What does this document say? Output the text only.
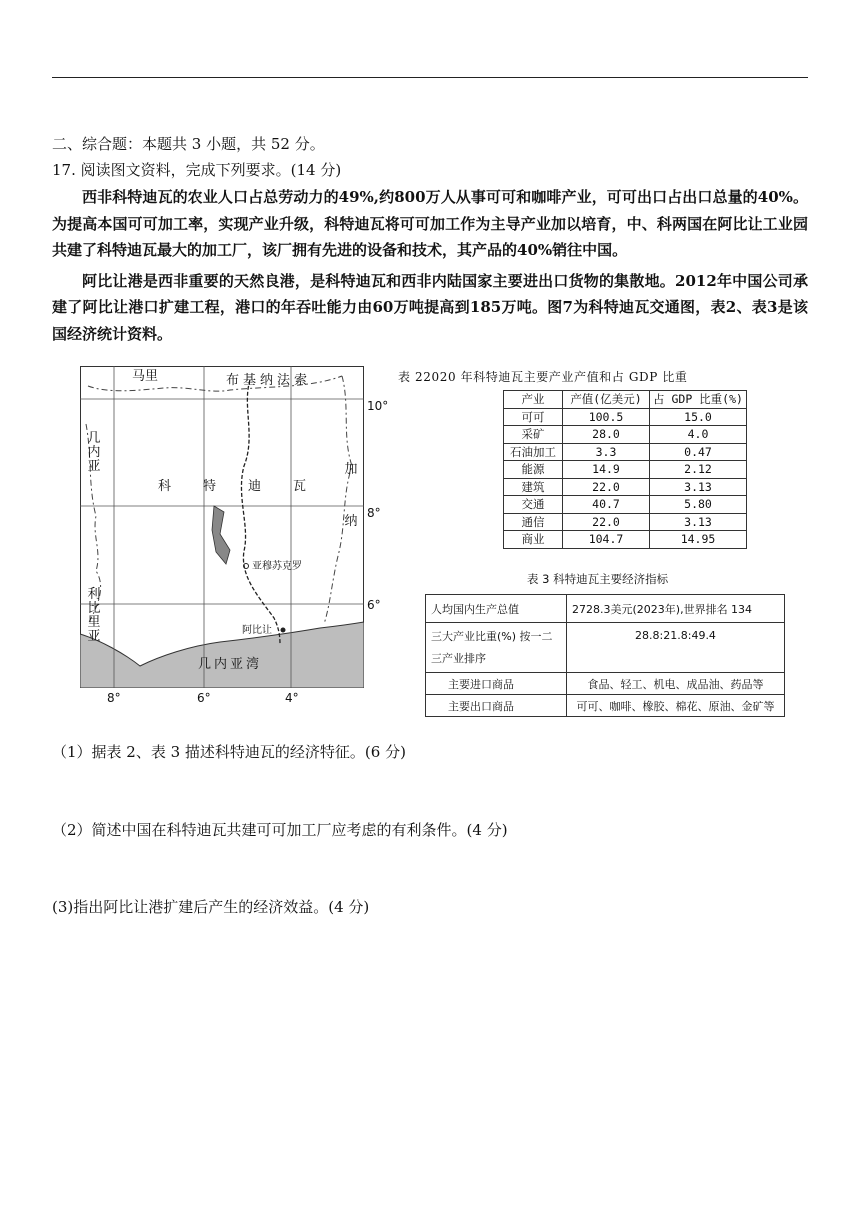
二、综合题：本题共 3 小题，共 52 分。
17. 阅读图文资料，完成下列要求。(14 分)

西非科特迪瓦的农业人口占总劳动力的49%,约800万人从事可可和咖啡产业，可可出口占出口总量的40%。为提高本国可可加工率，实现产业升级，科特迪瓦将可可加工作为主导产业加以培育，中、科两国在阿比让工业园共建了科特迪瓦最大的加工厂，该厂拥有先进的设备和技术，其产品的40%销往中国。

阿比让港是西非重要的天然良港，是科特迪瓦和西非内陆国家主要进出口货物的集散地。2012年中国公司承 建了阿比让港口扩建工程，港口的年吞吐能力由60万吨提高到185万吨。图7为科特迪瓦交通图，表2、表3是该国经济统计资料。

马里	布基纳法索
几内亚
科特迪瓦
加纳
利比里亚
几内亚湾
亚穆苏克罗
阿比让
10°
8°
6°
8°	6°	4°
表 22020 年科特迪瓦主要产业产值和占 GDP 比重
产业	产值(亿美元)	占 GDP 比重(%)
可可	100.5	15.0
采矿	28.0	4.0
石油加工	3.3	0.47
能源	14.9	2.12
建筑	22.0	3.13
交通	40.7	5.80
通信	22.0	3.13
商业	104.7	14.95
表 3 科特迪瓦主要经济指标
人均国内生产总值	2728.3美元(2023年),世界排名 134
三大产业比重(%) 按一二三产业排序	28.8:21.8:49.4
主要进口商品	食品、轻工、机电、成品油、药品等
主要出口商品	可可、咖啡、橡胶、棉花、原油、金矿等
（1）据表 2、表 3 描述科特迪瓦的经济特征。(6 分)
（2）简述中国在科特迪瓦共建可可加工厂应考虑的有利条件。(4 分)
(3)指出阿比让港扩建后产生的经济效益。(4 分)
